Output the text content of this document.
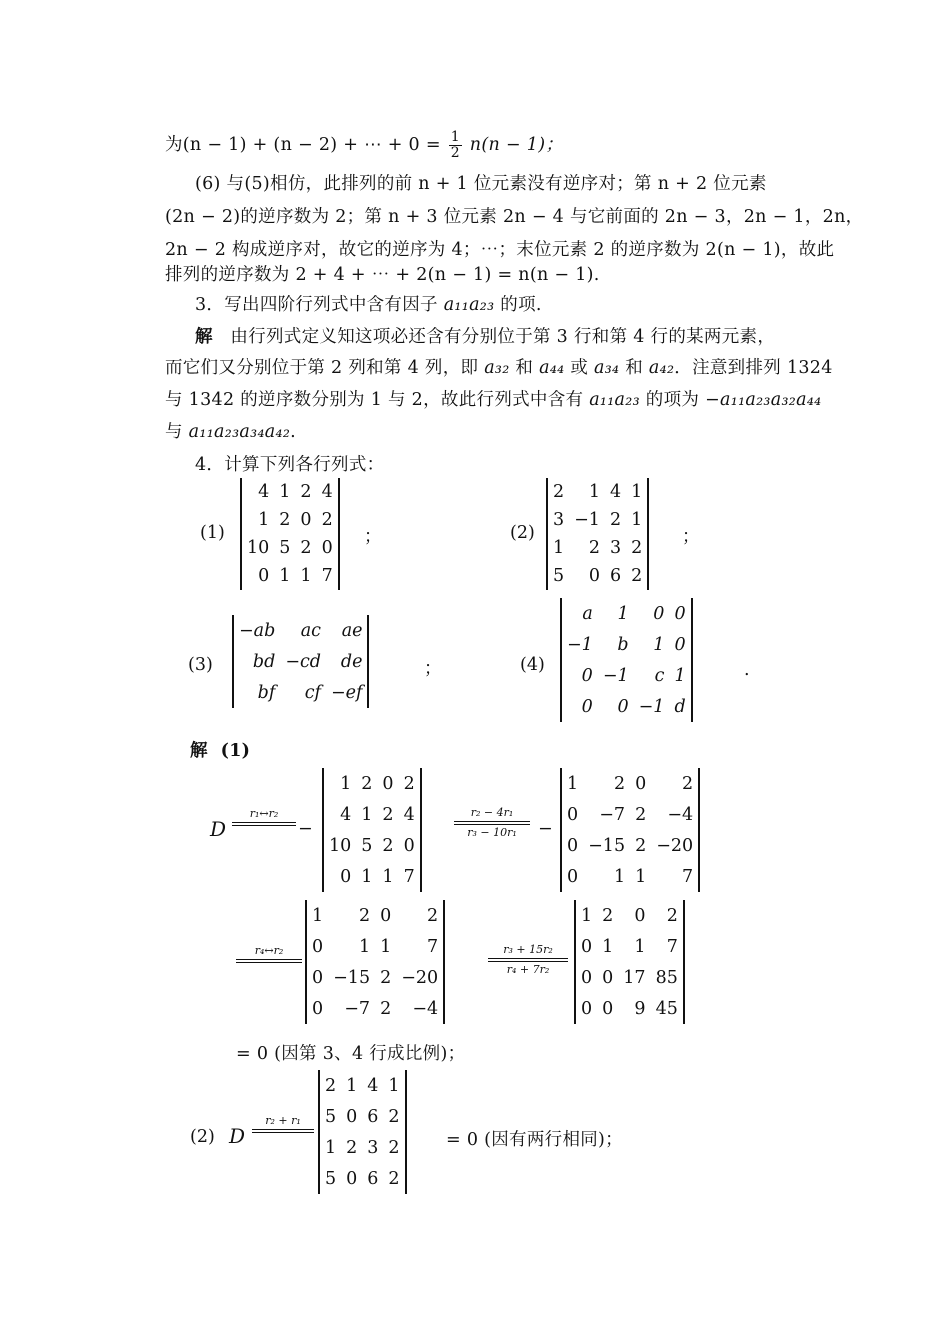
为(n − 1) + (n − 2) + ⋯ + $0 = \frac{1}{2} n(n - 1)$；
(6) 与(5)相仿，此排列的前 n + 1 位元素没有逆序对；第 n + 2 位元素
(2n − 2)的逆序数为 2；第 n + 3 位元素 2n − 4 与它前面的 2n − 3，2n − 1，2n，
2n − 2 构成逆序对，故它的逆序为 4；⋯；末位元素 2 的逆序数为 2(n − 1)，故此
排列的逆序数为 2 + 4 + ⋯ + 2(n − 1) = n(n − 1).
3．写出四阶行列式中含有因子 a₁₁a₂₃ 的项.
解 由行列式定义知这项必还含有分别位于第 3 行和第 4 行的某两元素，
而它们又分别位于第 2 列和第 4 列，即 a₃₂ 和 a₄₄ 或 a₃₄ 和 a₄₂．注意到排列 1324
与 1342 的逆序数分别为 1 与 2，故此行列式中含有 a₁₁a₂₃ 的项为 −a₁₁a₂₃a₃₂a₄₄
与 a₁₁a₂₃a₃₄a₄₂.
4．计算下列各行列式：
(1)
4	1	2	4
1	2	0	2
10	5	2	0
0	1	1	7
；	(2)
2	1	4	1
3	−1	2	1
1	2	3	2
5	0	6	2
；
(3)
−ab	ac	ae
bd	−cd	de
bf	cf	−ef
；	(4)
a	1	0	0
−1	b	1	0
0	−1	c	1
0	0	−1	d
.
解 (1)
D
r₁↔r₂
−
1	2	0	2
4	1	2	4
10	5	2	0
0	1	1	7
r₂ − 4r₁
r₃ − 10r₁	−
1	2	0	2
0	−7	2	−4
0	−15	2	−20
0	1	1	7
r₄↔r₂
1	2	0	2
0	1	1	7
0	−15	2	−20
0	−7	2	−4
r₃ + 15r₂
r₄ + 7r₂
1	2	0	2
0	1	1	7
0	0	17	85
0	0	9	45
= 0 (因第 3、4 行成比例)；
(2) D
r₂ + r₁
2	1	4	1
5	0	6	2
1	2	3	2
5	0	6	2
= 0 (因有两行相同)；
